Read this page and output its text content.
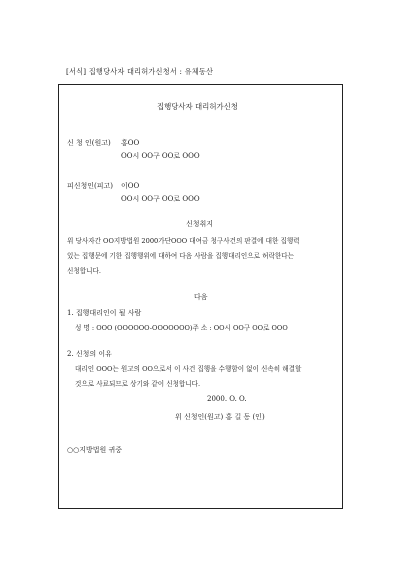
[서식] 집행당사자 대리허가신청서 : 유체동산
집행당사자 대리허가신청
신 청 인(원고) 홍OO
OO시 OO구 OO로 OOO
피신청인(피고) 이OO
OO시 OO구 OO로 OOO
신청취지
위 당사자간 OO지방법원 2000가단OOO 대여금 청구사건의 판결에 대한 집행력
있는 집행문에 기한 집행행위에 대하여 다음 사람을 집행대리인으로 허락한다는
신청합니다.
다음
1. 집행대리인이 될 사람
성 명 : OOO (OOOOOO-OOOOOOO)주 소 : OO시 OO구 OO로 OOO
2. 신청의 이유
대리인 OOO는 원고의 OO으로서 이 사건 집행을 수행함이 없이 신속히 해결할
것으로 사료되므로 상기와 같이 신청합니다.
2000. O. O.
위 신청인(원고) 홍 길 동 (인)
○○지방법원 귀중
